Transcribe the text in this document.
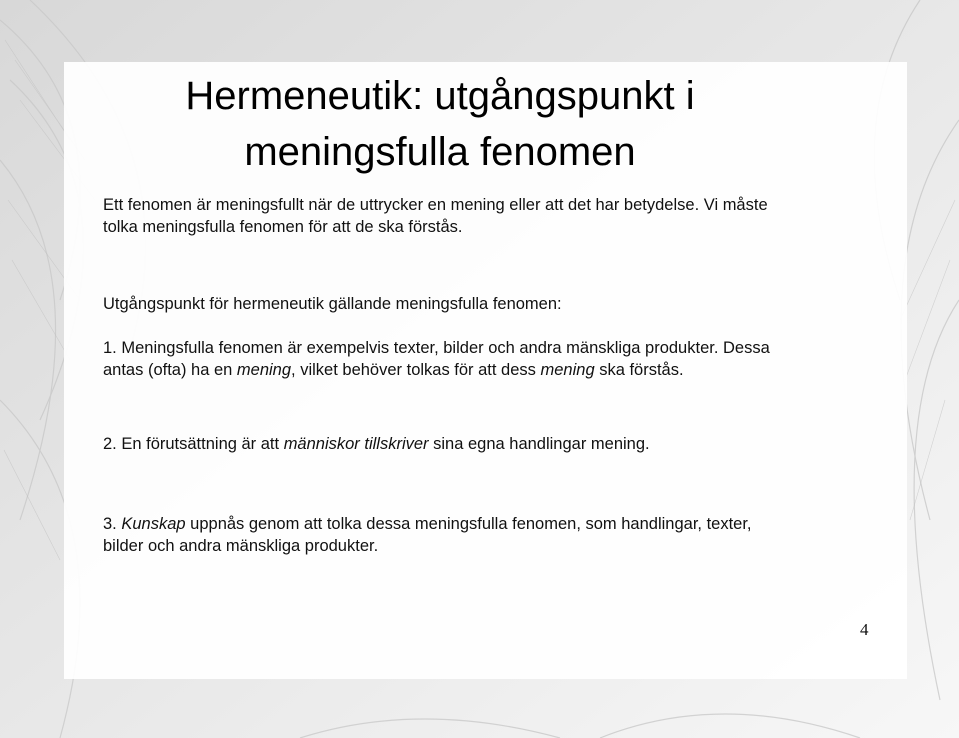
Hermeneutik: utgångspunkt i
meningsfulla fenomen
Ett fenomen är meningsfullt när de uttrycker en mening eller att det har betydelse. Vi måste
tolka meningsfulla fenomen för att de ska förstås.
Utgångspunkt för hermeneutik gällande meningsfulla fenomen:
1. Meningsfulla fenomen är exempelvis texter, bilder och andra mänskliga produkter. Dessa
antas (ofta) ha en mening, vilket behöver tolkas för att dess mening ska förstås.
2. En förutsättning är att människor tillskriver sina egna handlingar mening.
3. Kunskap uppnås genom att tolka dessa meningsfulla fenomen, som handlingar, texter,
bilder och andra mänskliga produkter.
4
